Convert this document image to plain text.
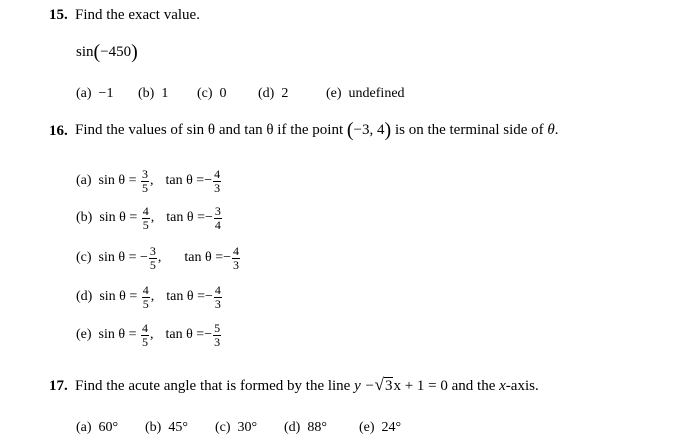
15. Find the exact value.
sin(−450)
(a) −1 (b) 1 (c) 0 (d) 2	(e) undefined
16. Find the values of sin θ and tan θ if the point (−3, 4) is on the terminal side of θ.
(a)
sin θ =
$\frac{3}{5}$ , tan θ = − $\frac{4}{3}$
(b)
sin θ =
$\frac{4}{5}$ , tan θ = − $\frac{3}{4}$
(c)
sin θ =
− $\frac{3}{5}$ , tan θ = − $\frac{4}{3}$
(d)
sin θ =
$\frac{4}{5}$ , tan θ = − $\frac{4}{3}$
(e)
sin θ =
$\frac{4}{5}$ , tan θ = − $\frac{5}{3}$
17. Find the acute angle that is formed by the line y −√3x + 1 = 0 and the x-axis.
(a) 60° (b) 45° (c) 30° (d) 88° (e) 24°
